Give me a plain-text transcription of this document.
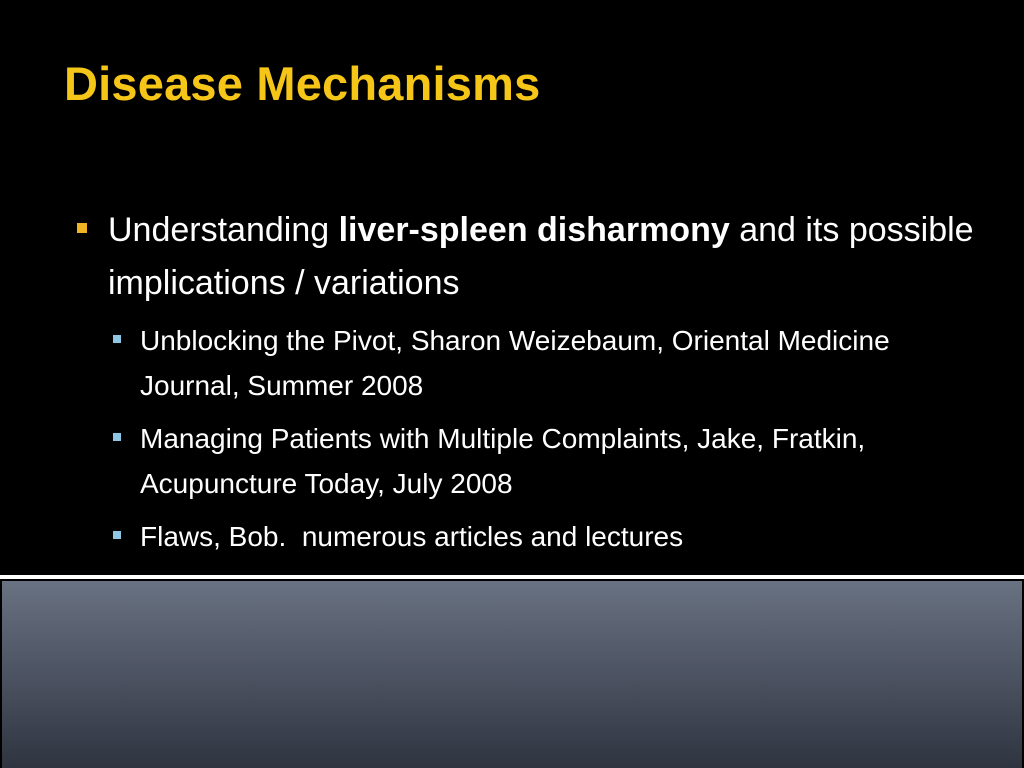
Disease Mechanisms
Understanding liver-spleen disharmony and its possible implications / variations
Unblocking the Pivot, Sharon Weizebaum, Oriental Medicine Journal, Summer 2008
Managing Patients with Multiple Complaints, Jake, Fratkin, Acupuncture Today, July 2008
Flaws, Bob.  numerous articles and lectures
